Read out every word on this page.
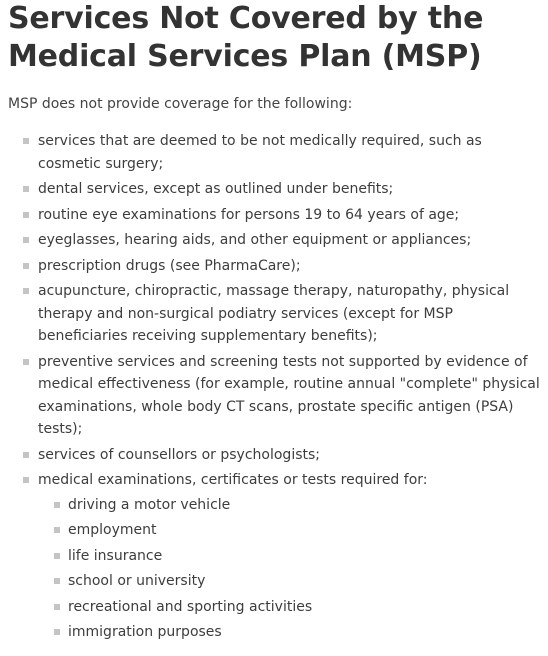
Services Not Covered by the
Medical Services Plan (MSP)

MSP does not provide coverage for the following:

services that are deemed to be not medically required, such as cosmetic surgery;
dental services, except as outlined under benefits;
routine eye examinations for persons 19 to 64 years of age;
eyeglasses, hearing aids, and other equipment or appliances;
prescription drugs (see PharmaCare);
acupuncture, chiropractic, massage therapy, naturopathy, physical therapy and non-surgical podiatry services (except for MSP beneficiaries receiving supplementary benefits);
preventive services and screening tests not supported by evidence of medical effectiveness (for example, routine annual "complete" physical examinations, whole body CT scans, prostate specific antigen (PSA) tests);
services of counsellors or psychologists;
medical examinations, certificates or tests required for:
driving a motor vehicle
employment
life insurance
school or university
recreational and sporting activities
immigration purposes
